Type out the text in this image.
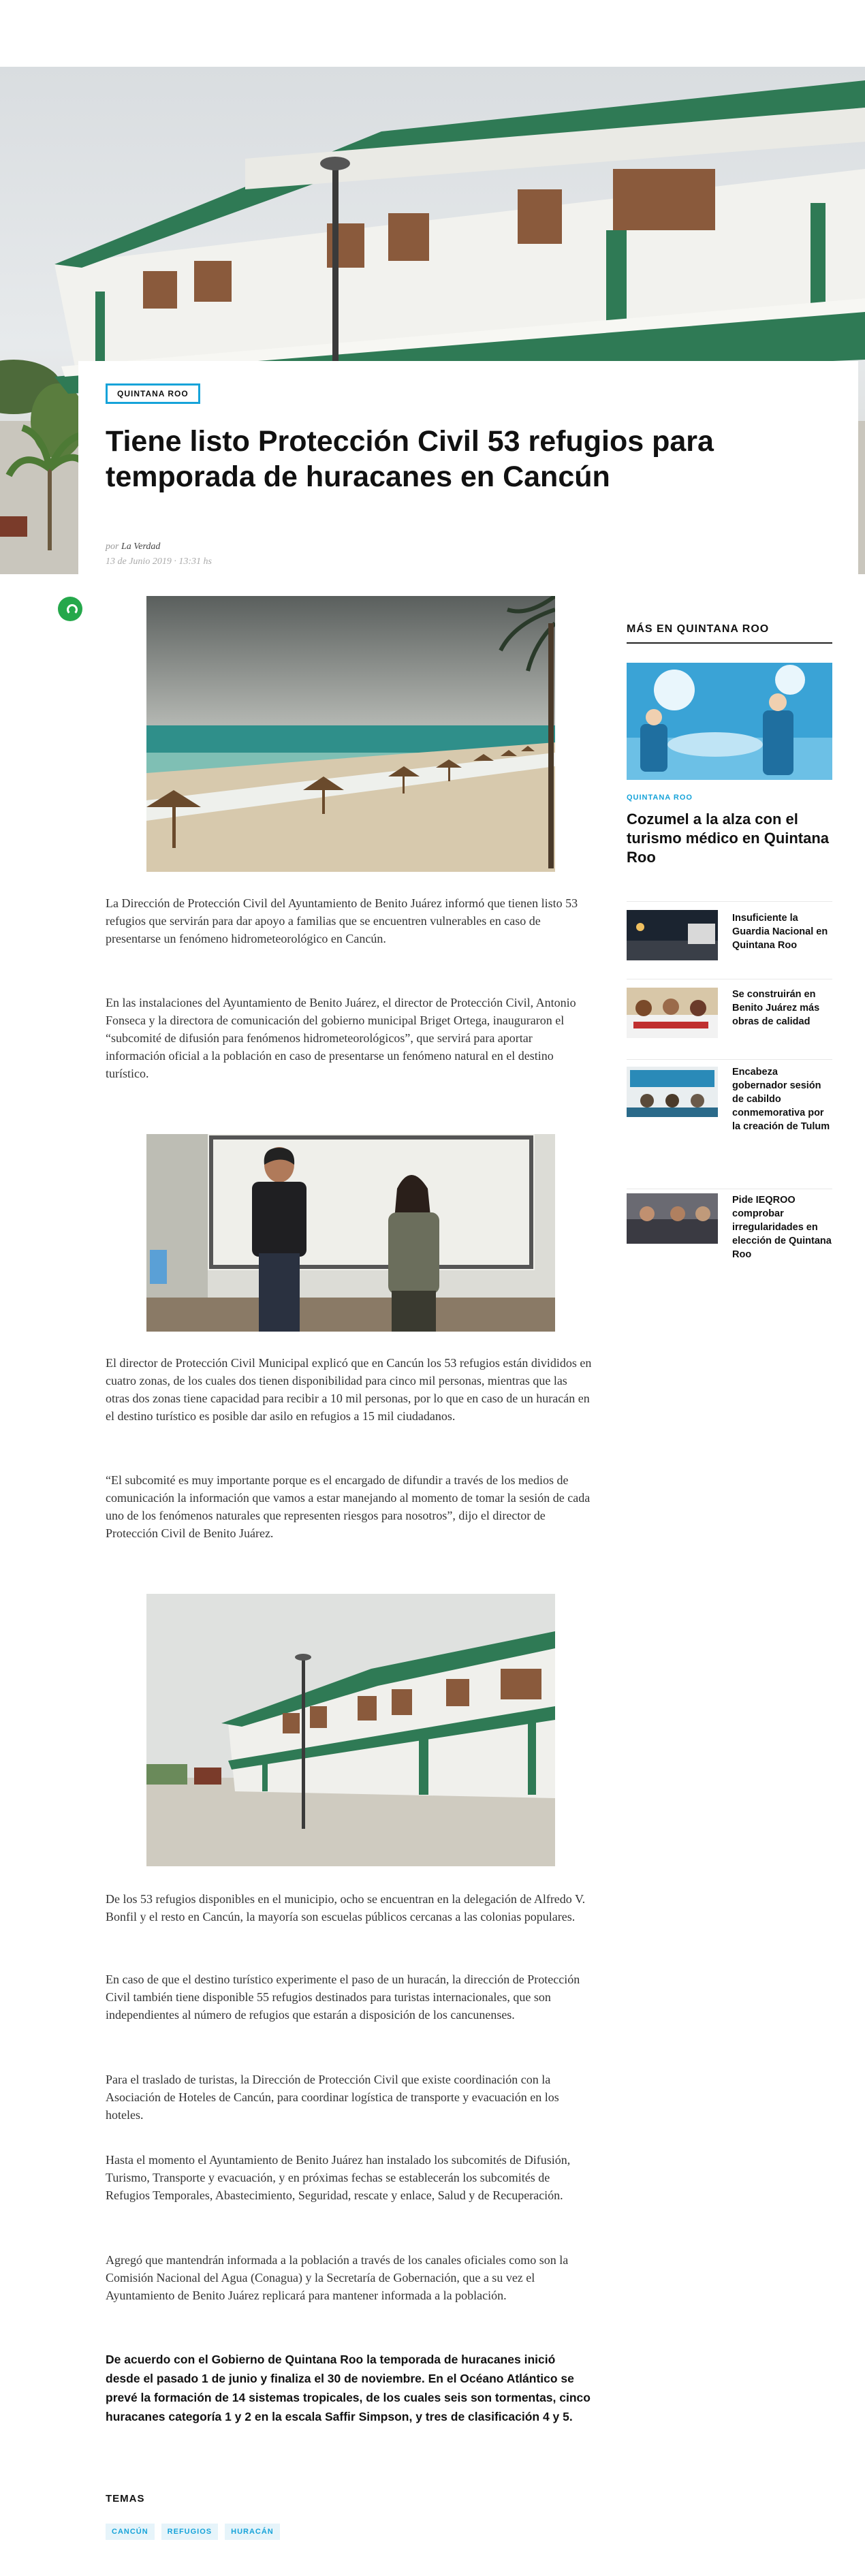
QUINTANA ROO
Tiene listo Protección Civil 53 refugios para temporada de huracanes en Cancún
por La Verdad
13 de Junio 2019 · 13:31 hs

La Dirección de Protección Civil del Ayuntamiento de Benito Juárez informó que tienen listo 53 refugios que servirán para dar apoyo a familias que se encuentren vulnerables en caso de presentarse un fenómeno hidrometeorológico en Cancún.

En las instalaciones del Ayuntamiento de Benito Juárez, el director de Protección Civil, Antonio Fonseca y la directora de comunicación del gobierno municipal Briget Ortega, inauguraron el “subcomité de difusión para fenómenos hidrometeorológicos”, que servirá para aportar información oficial a la población en caso de presentarse un fenómeno natural en el destino turístico.

El director de Protección Civil Municipal explicó que en Cancún los 53 refugios están divididos en cuatro zonas, de los cuales dos tienen disponibilidad para cinco mil personas, mientras que las otras dos zonas tiene capacidad para recibir a 10 mil personas, por lo que en caso de un huracán en el destino turístico es posible dar asilo en refugios a 15 mil ciudadanos.

“El subcomité es muy importante porque es el encargado de difundir a través de los medios de comunicación la información que vamos a estar manejando al momento de tomar la sesión de cada uno de los fenómenos naturales que representen riesgos para nosotros”, dijo el director de Protección Civil de Benito Juárez.

De los 53 refugios disponibles en el municipio, ocho se encuentran en la delegación de Alfredo V. Bonfil y el resto en Cancún, la mayoría son escuelas públicos cercanas a las colonias populares.

En caso de que el destino turístico experimente el paso de un huracán, la dirección de Protección Civil también tiene disponible 55 refugios destinados para turistas internacionales, que son independientes al número de refugios que estarán a disposición de los cancunenses.

Para el traslado de turistas, la Dirección de Protección Civil que existe coordinación con la Asociación de Hoteles de Cancún, para coordinar logística de transporte y evacuación en los hoteles.

Hasta el momento el Ayuntamiento de Benito Juárez han instalado los subcomités de Difusión, Turismo, Transporte y evacuación, y en próximas fechas se establecerán los subcomités de Refugios Temporales, Abastecimiento, Seguridad, rescate y enlace, Salud y de Recuperación.

Agregó que mantendrán informada a la población a través de los canales oficiales como son la Comisión Nacional del Agua (Conagua) y la Secretaría de Gobernación, que a su vez el Ayuntamiento de Benito Juárez replicará para mantener informada a la población.

De acuerdo con el Gobierno de Quintana Roo la temporada de huracanes inició desde el pasado 1 de junio y finaliza el 30 de noviembre. En el Océano Atlántico se prevé la formación de 14 sistemas tropicales, de los cuales seis son tormentas, cinco huracanes categoría 1 y 2 en la escala Saffir Simpson, y tres de clasificación 4 y 5.

TEMAS
CANCÚN	REFUGIOS	HURACÁN
MÁS EN QUINTANA ROO
QUINTANA ROO
Cozumel a la alza con el turismo médico en Quintana Roo
Insuficiente la Guardia Nacional en Quintana Roo
Se construirán en Benito Juárez más obras de calidad
Encabeza gobernador sesión de cabildo conmemorativa por la creación de Tulum
Pide IEQROO comprobar irregularidades en elección de Quintana Roo
